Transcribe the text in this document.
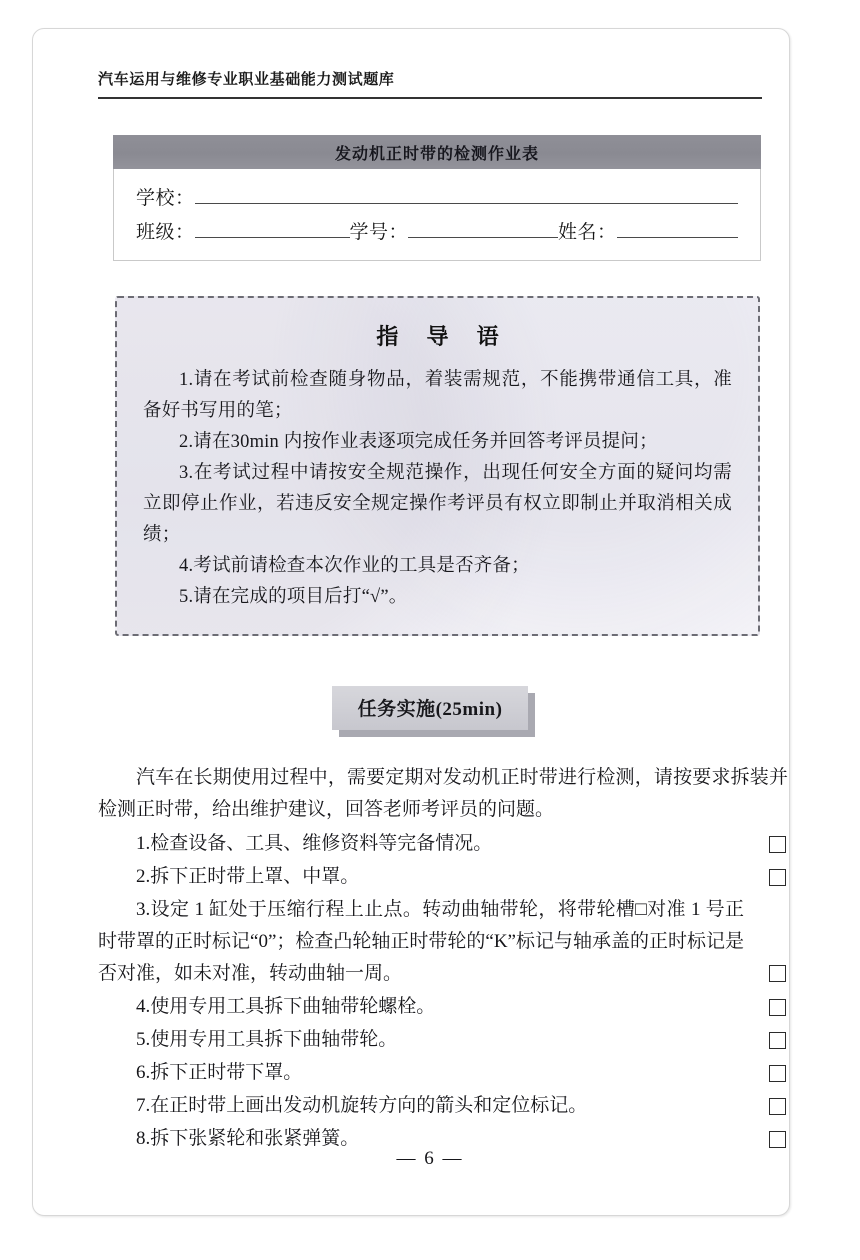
汽车运用与维修专业职业基础能力测试题库
发动机正时带的检测作业表
学校：
班级：	学号：	姓名：
指 导 语
1.请在考试前检查随身物品，着装需规范，不能携带通信工具，准备好书写用的笔；
2.请在30min 内按作业表逐项完成任务并回答考评员提问；
3.在考试过程中请按安全规范操作，出现任何安全方面的疑问均需立即停止作业，若违反安全规定操作考评员有权立即制止并取消相关成绩；
4.考试前请检查本次作业的工具是否齐备；
5.请在完成的项目后打“√”。
任务实施(25min)

汽车在长期使用过程中，需要定期对发动机正时带进行检测，请按要求拆装并检测正时带，给出维护建议，回答老师考评员的问题。

1.检查设备、工具、维修资料等完备情况。
2.拆下正时带上罩、中罩。
3.设定 1 缸处于压缩行程上止点。转动曲轴带轮，将带轮槽□对准 1 号正时带罩的正时标记“0”；检查凸轮轴正时带轮的“K”标记与轴承盖的正时标记是否对准，如未对准，转动曲轴一周。
4.使用专用工具拆下曲轴带轮螺栓。
5.使用专用工具拆下曲轴带轮。
6.拆下正时带下罩。
7.在正时带上画出发动机旋转方向的箭头和定位标记。
8.拆下张紧轮和张紧弹簧。
— 6 —
